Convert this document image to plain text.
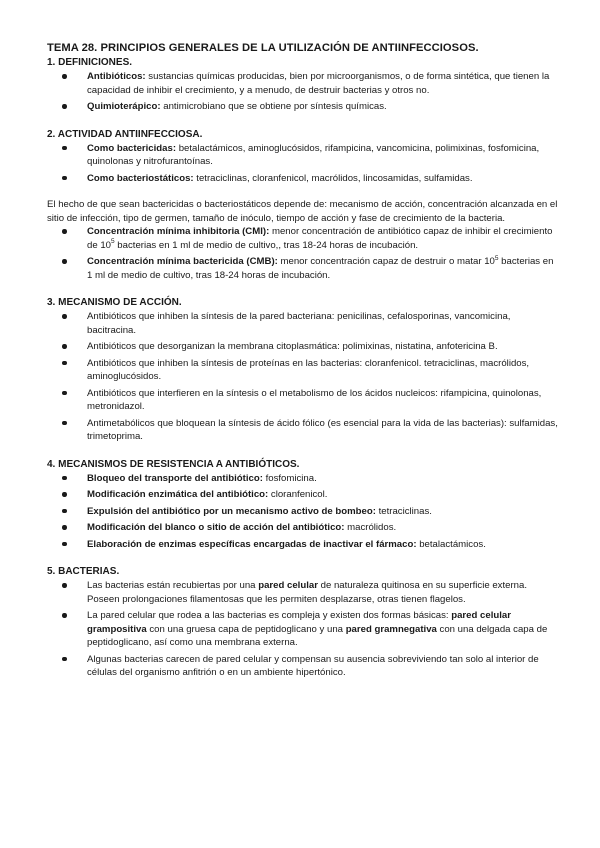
TEMA 28. PRINCIPIOS GENERALES DE LA UTILIZACIÓN DE ANTIINFECCIOSOS.

1. DEFINICIONES.

Antibióticos: sustancias químicas producidas, bien por microorganismos, o de forma sintética, que tienen la capacidad de inhibir el crecimiento, y a menudo, de destruir bacterias y otros no.
Quimioterápico: antimicrobiano que se obtiene por síntesis químicas.

2. ACTIVIDAD ANTIINFECCIOSA.

Como bactericidas: betalactámicos, aminoglucósidos, rifampicina, vancomicina, polimixinas, fosfomicina, quinolonas y nitrofurantoínas.
Como bacteriostáticos: tetraciclinas, cloranfenicol, macrólidos, lincosamidas, sulfamidas.

El hecho de que sean bactericidas o bacteriostáticos depende de: mecanismo de acción, concentración alcanzada en el sitio de infección, tipo de germen, tamaño de inóculo, tiempo de acción y fase de crecimiento de la bacteria.

Concentración mínima inhibitoria (CMI): menor concentración de antibiótico capaz de inhibir el crecimiento de $10^5$ bacterias en 1 ml de medio de cultivo,, tras 18-24 horas de incubación.
Concentración mínima bactericida (CMB): menor concentración capaz de destruir o matar $10^5$ bacterias en 1 ml de medio de cultivo, tras 18-24 horas de incubación.

3. MECANISMO DE ACCIÓN.

Antibióticos que inhiben la síntesis de la pared bacteriana: penicilinas, cefalosporinas, vancomicina, bacitracina.
Antibióticos que desorganizan la membrana citoplasmática: polimixinas, nistatina, anfotericina B.
Antibióticos que inhiben la síntesis de proteínas en las bacterias: cloranfenicol. tetraciclinas, macrólidos, aminoglucósidos.
Antibióticos que interfieren en la síntesis o el metabolismo de los ácidos nucleicos: rifampicina, quinolonas, metronidazol.
Antimetabólicos que bloquean la síntesis de ácido fólico (es esencial para la vida de las bacterias): sulfamidas, trimetoprima.

4. MECANISMOS DE RESISTENCIA A ANTIBIÓTICOS.

Bloqueo del transporte del antibiótico: fosfomicina.
Modificación enzimática del antibiótico: cloranfenicol.
Expulsión del antibiótico por un mecanismo activo de bombeo: tetraciclinas.
Modificación del blanco o sitio de acción del antibiótico: macrólidos.
Elaboración de enzimas específicas encargadas de inactivar el fármaco: betalactámicos.

5. BACTERIAS.

Las bacterias están recubiertas por una pared celular de naturaleza quitinosa en su superficie externa. Poseen prolongaciones filamentosas que les permiten desplazarse, otras tienen flagelos.
La pared celular que rodea a las bacterias es compleja y existen dos formas básicas: pared celular grampositiva con una gruesa capa de peptidoglicano y una pared gramnegativa con una delgada capa de peptidoglicano, así como una membrana externa.
Algunas bacterias carecen de pared celular y compensan su ausencia sobreviviendo tan solo al interior de células del organismo anfitrión o en un ambiente hipertónico.
